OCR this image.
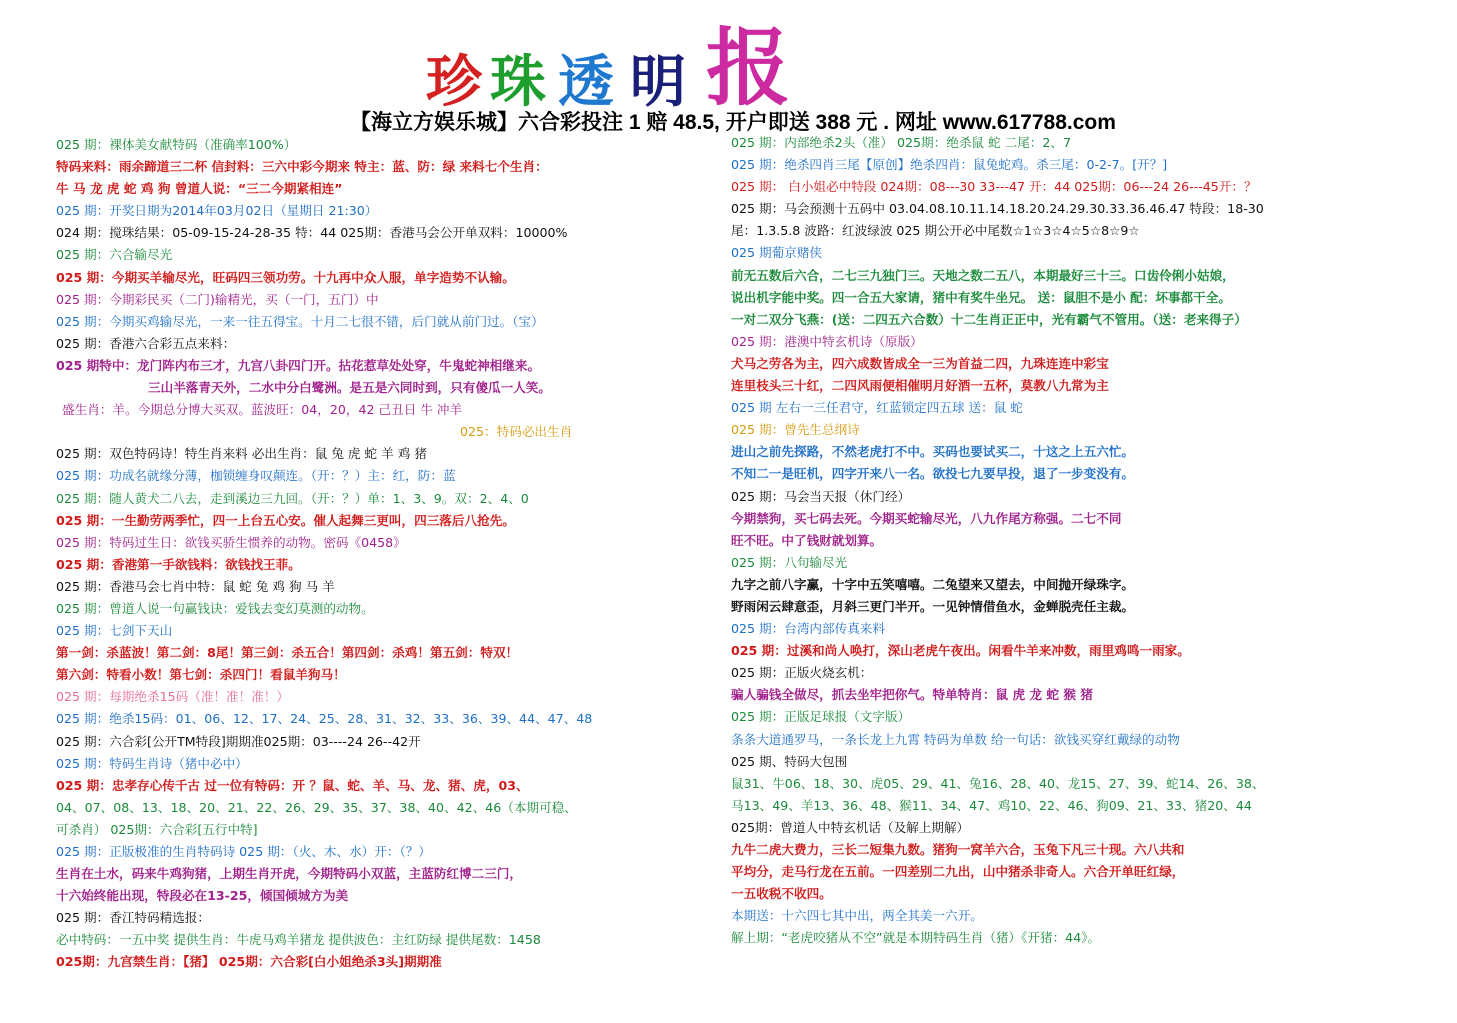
珍 珠 透 明 报
【海立方娱乐城】六合彩投注 1 赔 48.5, 开户即送 388 元 . 网址 www.617788.com
025 期：裸体美女献特码（准确率100%）
特码来料：雨余蹄道三二杯 信封料：三六中彩今期来 特主：蓝、防：绿 来料七个生肖：
牛 马 龙 虎 蛇 鸡 狗 曾道人说：“三二今期紧相连”
025 期：开奖日期为2014年03月02日（星期日 21:30）
024 期：搅珠结果：05-09-15-24-28-35 特：44 025期：香港马会公开单双料：10000%
025 期：六合输尽光
025 期：今期买羊输尽光，旺码四三领功劳。十九再中众人服，单字造势不认输。
025 期：今期彩民买（二门)输精光，买（一门，五门）中
025 期：今期买鸡输尽光，一来一往五得宝。十月二七很不错，后门就从前门过。（宝）
025 期：香港六合彩五点来料：
025 期特中：龙门阵内布三才，九宫八卦四门开。拈花惹草处处穿，牛鬼蛇神相继来。
三山半落青天外，二水中分白鹭洲。是五是六同时到，只有傻瓜一人笑。
盛生肖：羊。今期总分博大买双。蓝波旺：04，20，42 己丑日 牛 冲羊
025：特码必出生肖
025 期：双色特码诗！特生肖来料 必出生肖：鼠 兔 虎 蛇 羊 鸡 猪
025 期：功成名就缘分薄，枷锁缠身叹颠连。（开：？）主：红，防：蓝
025 期：随人黄犬二八去，走到溪边三九回。（开：？）单：1、3、9。双：2、4、0
025 期：一生勤劳两季忙，四一上台五心安。催人起舞三更叫，四三落后八抢先。
025 期：特码过生日：欲钱买骄生惯养的动物。密码《0458》
025 期：香港第一手欲钱料：欲钱找王菲。
025 期：香港马会七肖中特：鼠 蛇 兔 鸡 狗 马 羊
025 期：曾道人说一句赢钱诀：爱钱去变幻莫测的动物。
025 期：七剑下天山
第一剑：杀蓝波！第二剑：8尾！第三剑：杀五合！第四剑：杀鸡！第五剑：特双！
第六剑：特看小数！第七剑：杀四门！看鼠羊狗马！
025 期：每期绝杀15码（准！准！准！）
025 期：绝杀15码：01、06、12、17、24、25、28、31、32、33、36、39、44、47、48
025 期：六合彩[公开TM特段]期期准025期：03----24 26--42开
025 期：特码生肖诗（猪中必中）
025 期：忠孝存心传千古 过一位有特码：开 ？鼠、蛇、羊、马、龙、猪、虎，03、
04、07、08、13、18、20、21、22、26、29、35、37、38、40、42、46（本期可稳、
可杀肖） 025期：六合彩[五行中特]
025 期：正版极准的生肖特码诗 025 期：（火、木、水）开：（？）
生肖在土水，码来牛鸡狗猪，上期生肖开虎，今期特码小双蓝，主蓝防红博二三门，
十六始终能出现，特段必在13-25，倾国倾城方为美
025 期：香江特码精选报：
必中特码：一五中奖 提供生肖：牛虎马鸡羊猪龙 提供波色：主红防绿 提供尾数：1458
025期：九宫禁生肖：【猪】 025期：六合彩[白小姐绝杀3头]期期准
025 期：内部绝杀2头（准） 025期：绝杀鼠 蛇 二尾：2、7
025 期：绝杀四肖三尾【原创】绝杀四肖：鼠兔蛇鸡。杀三尾：0-2-7。[开？]
025 期： 白小姐必中特段 024期：08---30 33---47 开：44 025期：06---24 26---45开：？
025 期：马会预测十五码中 03.04.08.10.11.14.18.20.24.29.30.33.36.46.47 特段：18-30
尾：1.3.5.8 波路：红波绿波 025 期公开必中尾数☆1☆3☆4☆5☆8☆9☆
025 期葡京赌侠
前无五数后六合，二七三九独门三。天地之数二五八，本期最好三十三。口齿伶俐小姑娘，
说出机字能中奖。四一合五大家请，猪中有奖牛坐兄。 送：鼠胆不是小 配：坏事都干全。
一对二双分飞燕：(送：二四五六合数）十二生肖正正中，光有霸气不管用。（送：老来得子）
025 期：港澳中特玄机诗（原版）
犬马之劳各为主，四六成数皆成全一三为首益二四，九珠连连中彩宝
连里枝头三十红，二四风雨便相催明月好酒一五杯，莫教八九常为主
025 期 左右一三任君守，红蓝锁定四五球 送：鼠 蛇
025 期：曾先生总纲诗
进山之前先探路，不然老虎打不中。买码也要试买二，十这之上五六忙。
不知二一是旺机，四字开来八一名。欲投七九要早投，退了一步变没有。
025 期：马会当天报（休门经）
今期禁狗，买七码去死。今期买蛇输尽光，八九作尾方称强。二七不同
旺不旺。中了钱财就划算。
025 期：八句输尽光
九字之前八字赢，十字中五笑嘻嘻。二兔望来又望去，中间抛开绿珠字。
野雨闲云肆意歪，月斜三更门半开。一见钟情借鱼水，金蝉脱壳任主裁。
025 期：台湾内部传真来料
025 期：过溪和尚人唤打，深山老虎午夜出。闲看牛羊来冲数，雨里鸡鸣一雨家。
025 期：正版火烧玄机：
骗人骗钱全做尽，抓去坐牢把你气。特单特肖：鼠 虎 龙 蛇 猴 猪
025 期：正版足球报（文字版）
条条大道通罗马，一条长龙上九霄 特码为单数 给一句话：欲钱买穿红戴绿的动物
025 期、特码大包围
鼠31、牛06、18、30、虎05、29、41、兔16、28、40、龙15、27、39、蛇14、26、38、
马13、49、羊13、36、48、猴11、34、47、鸡10、22、46、狗09、21、33、猪20、44
025期：曾道人中特玄机话（及解上期解）
九牛二虎大费力，三长二短集九数。猪狗一窝羊六合，玉兔下凡三十现。六八共和
平均分，走马行龙在五前。一四差别二九出，山中猪杀非奇人。六合开单旺红绿，
一五收税不收四。
本期送：十六四七其中出，两全其美一六开。
解上期：“老虎咬猪从不空”就是本期特码生肖（猪）《开猪：44》。
